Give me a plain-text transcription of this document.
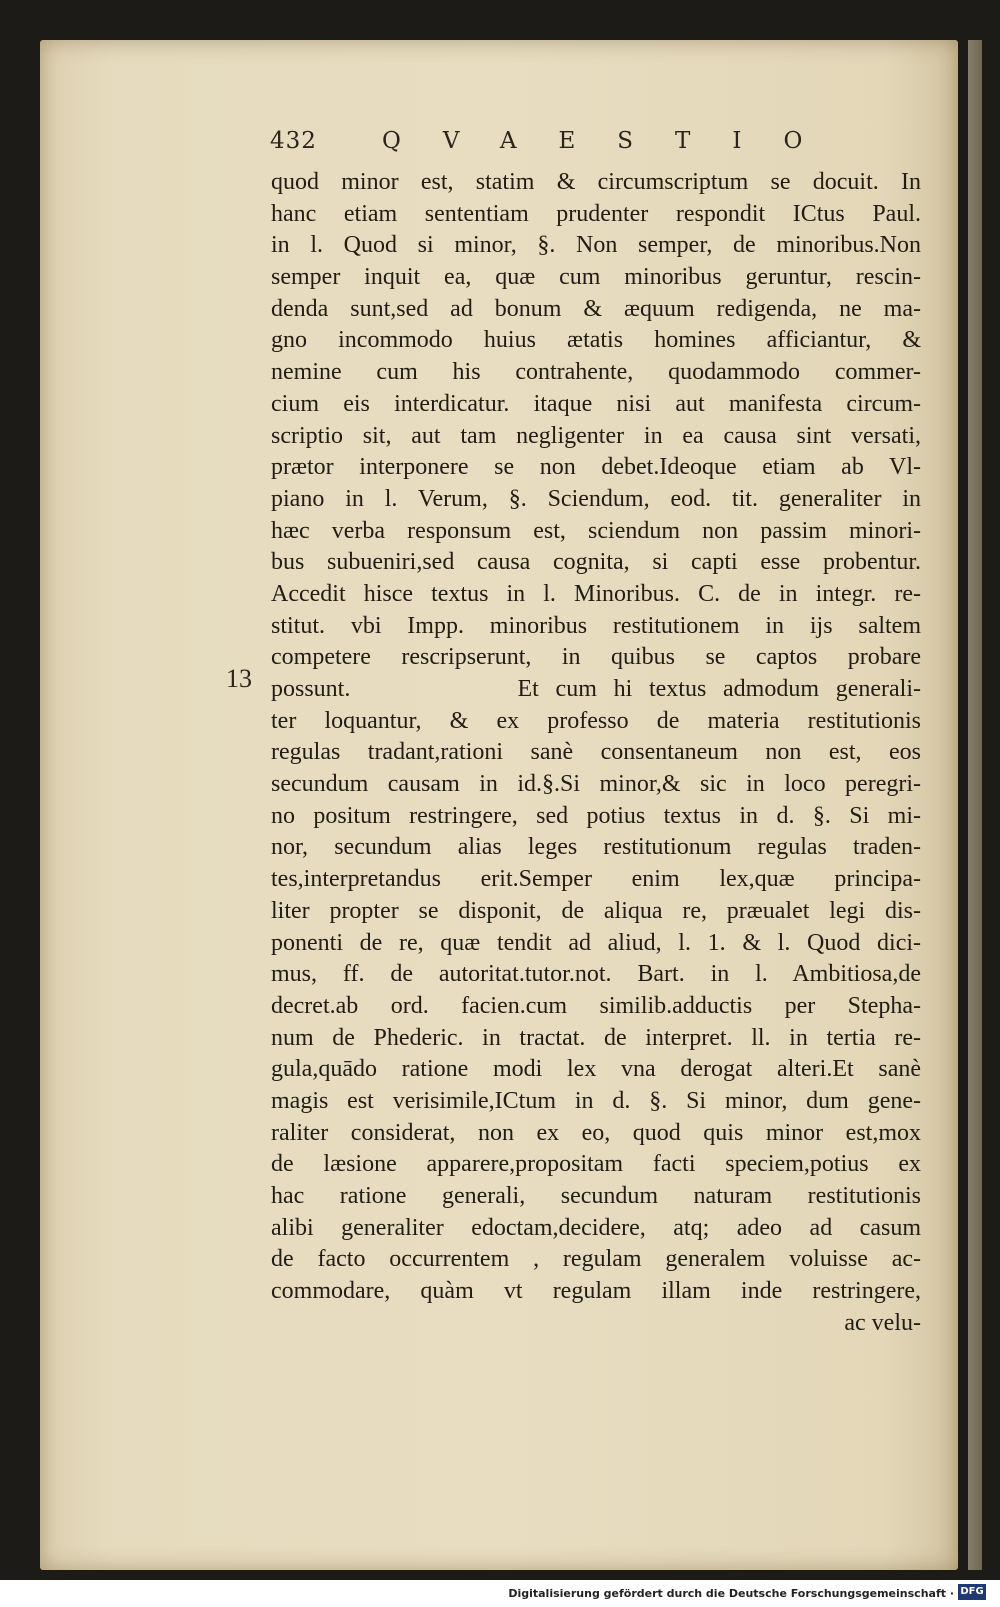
432	QVAESTIO
13
quod minor est, statim & circumscriptum se docuit. In
hanc etiam sententiam prudenter respondit ICtus Paul.
in l. Quod si minor, §. Non semper, de minoribus.Non
semper inquit ea, quæ cum minoribus geruntur, rescin-
denda sunt,sed ad bonum & æquum redigenda, ne ma-
gno incommodo huius ætatis homines afficiantur, &
nemine cum his contrahente, quodammodo commer-
cium eis interdicatur. itaque nisi aut manifesta circum-
scriptio sit, aut tam negligenter in ea causa sint versati,
prætor interponere se non debet.Ideoque etiam ab Vl-
piano in l. Verum, §. Sciendum, eod. tit. generaliter in
hæc verba responsum est, sciendum non passim minori-
bus subueniri,sed causa cognita, si capti esse probentur.
Accedit hisce textus in l. Minoribus. C. de in integr. re-
stitut. vbi Impp. minoribus restitutionem in ijs saltem
competere rescripserunt, in quibus se captos probare
possunt.          Et cum hi textus admodum generali-
ter loquantur, & ex professo de materia restitutionis
regulas tradant,rationi sanè consentaneum non est, eos
secundum causam in id.§.Si minor,& sic in loco peregri-
no positum restringere, sed potius textus in d. §. Si mi-
nor, secundum alias leges restitutionum regulas traden-
tes,interpretandus erit.Semper enim lex,quæ principa-
liter propter se disponit, de aliqua re, præualet legi dis-
ponenti de re, quæ tendit ad aliud, l. 1. & l. Quod dici-
mus, ff. de autoritat.tutor.not. Bart. in l. Ambitiosa,de
decret.ab ord. facien.cum similib.adductis per Stepha-
num de Phederic. in tractat. de interpret. ll. in tertia re-
gula,quādo ratione modi lex vna derogat alteri.Et sanè
magis est verisimile,ICtum in d. §. Si minor, dum gene-
raliter considerat, non ex eo, quod quis minor est,mox
de læsione apparere,propositam facti speciem,potius ex
hac ratione generali, secundum naturam restitutionis
alibi generaliter edoctam,decidere, atq; adeo ad casum
de facto occurrentem , regulam generalem voluisse ac-
commodare, quàm vt regulam illam inde restringere,
ac velu-
Digitalisierung gefördert durch die Deutsche Forschungsgemeinschaft · DFG
